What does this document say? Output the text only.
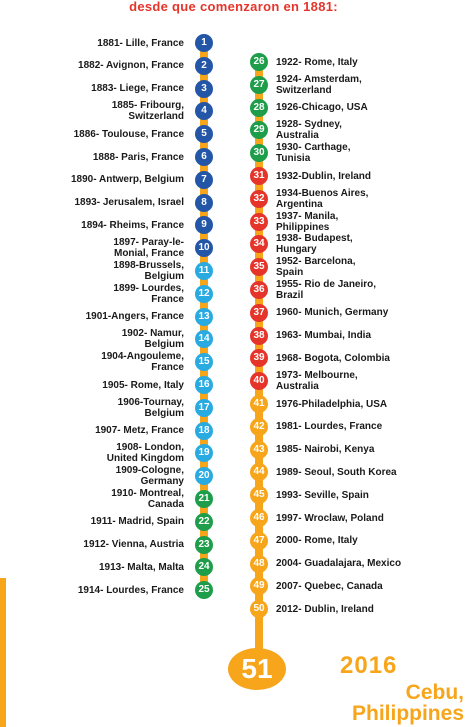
desde que comenzaron en 1881:
1
1881- Lille, France
2
1882- Avignon, France
3
1883- Liege, France
4
1885- Fribourg,
Switzerland
5
1886- Toulouse, France
6
1888- Paris, France
7
1890- Antwerp, Belgium
8
1893- Jerusalem, Israel
9
1894- Rheims, France
10
1897- Paray-le-
Monial, France
11
1898-Brussels,
Belgium
12
1899- Lourdes,
France
13
1901-Angers, France
14
1902- Namur,
Belgium
15
1904-Angouleme,
France
16
1905- Rome, Italy
17
1906-Tournay,
Belgium
18
1907- Metz, France
19
1908- London,
United Kingdom
20
1909-Cologne,
Germany
21
1910- Montreal,
Canada
22
1911- Madrid, Spain
23
1912- Vienna, Austria
24
1913- Malta, Malta
25
1914- Lourdes, France
26	1922- Rome, Italy
27	1924- Amsterdam,
Switzerland
28	1926-Chicago, USA
29	1928- Sydney,
Australia
30	1930- Carthage,
Tunisia
31	1932-Dublin, Ireland
32	1934-Buenos Aires,
Argentina
33	1937- Manila,
Philippines
34	1938- Budapest,
Hungary
35	1952- Barcelona,
Spain
36	1955- Rio de Janeiro,
Brazil
37	1960- Munich, Germany
38	1963- Mumbai, India
39	1968- Bogota, Colombia
40	1973- Melbourne,
Australia
41	1976-Philadelphia, USA
42	1981- Lourdes, France
43	1985- Nairobi, Kenya
44	1989- Seoul, South Korea
45	1993- Seville, Spain
46	1997- Wroclaw, Poland
47	2000- Rome, Italy
48	2004- Guadalajara, Mexico
49	2007- Quebec, Canada
50	2012- Dublin, Ireland
51	2016
Cebu,
Philippines
